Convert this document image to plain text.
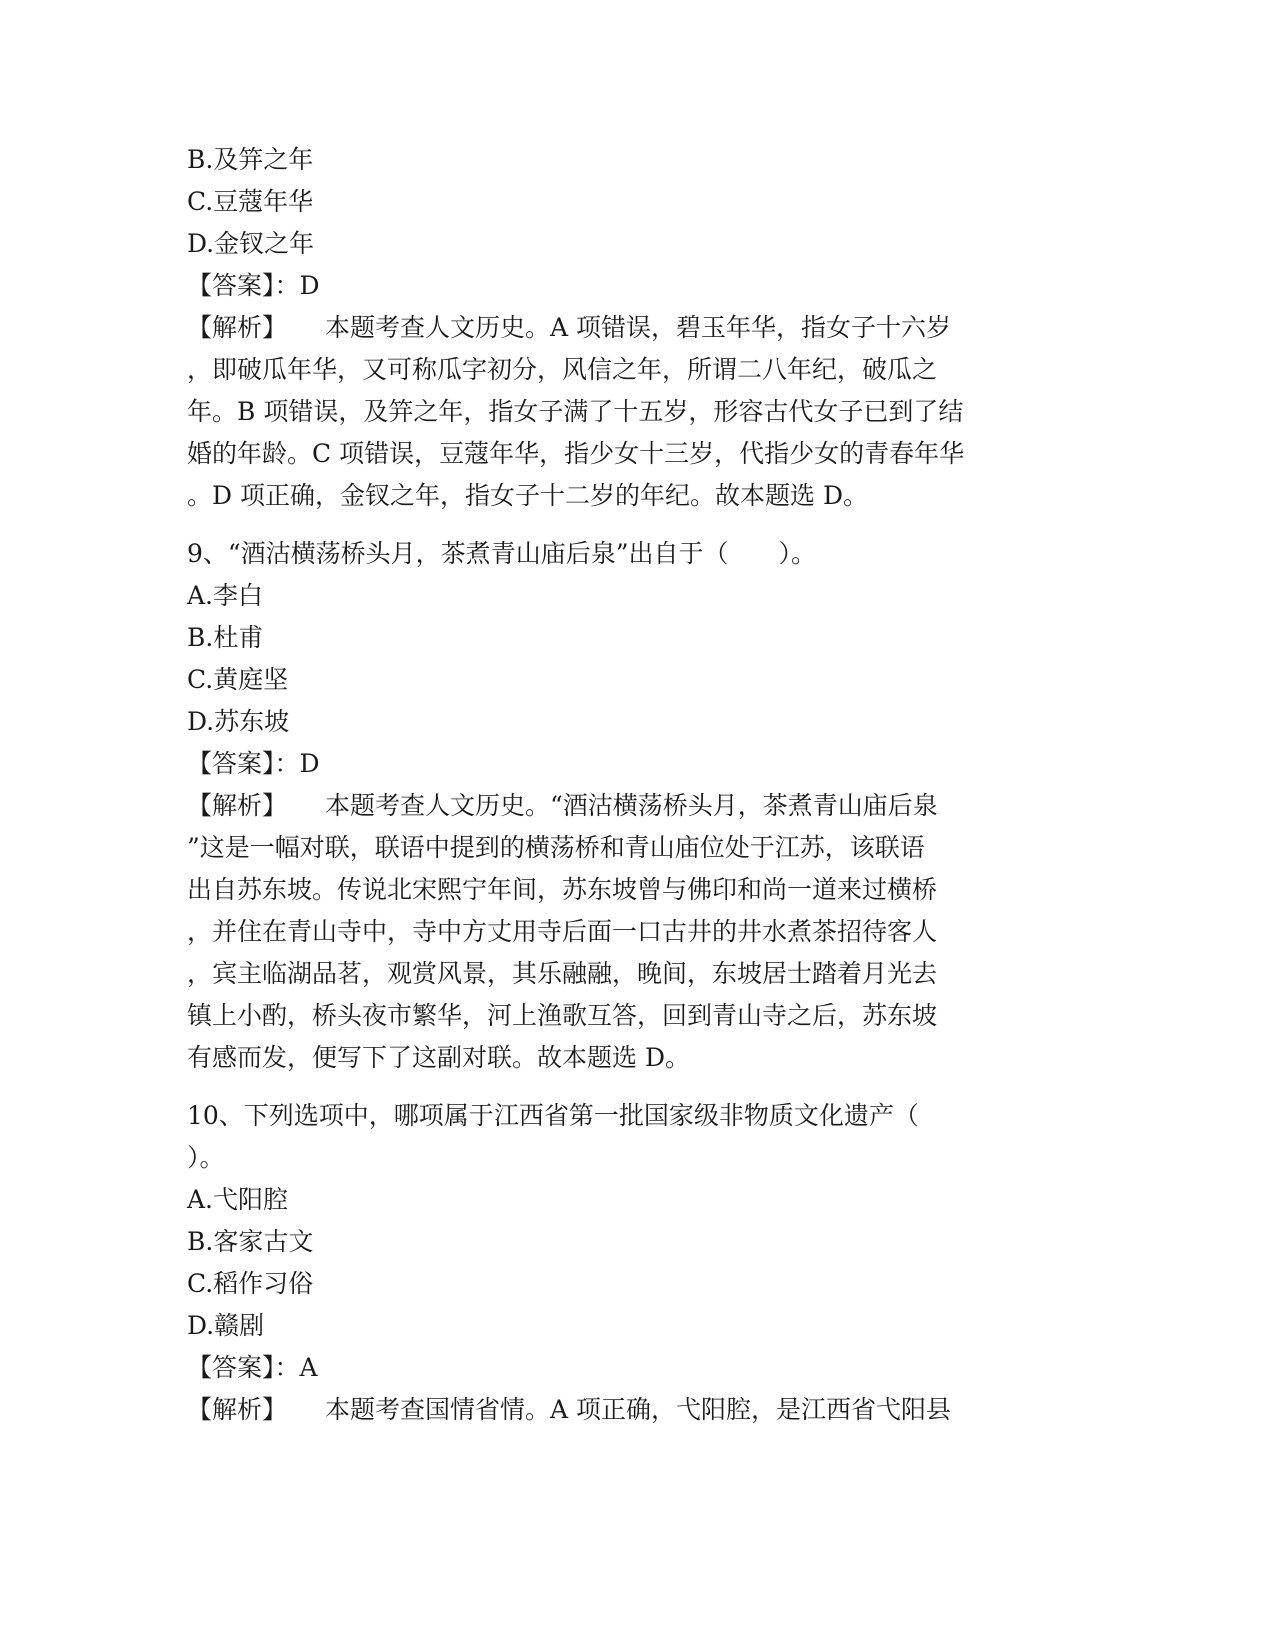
B.及笄之年
C.豆蔻年华
D.金钗之年
【答案】：D
【解析】 本题考查人文历史。A 项错误，碧玉年华，指女子十六岁
，即破瓜年华，又可称瓜字初分，风信之年，所谓二八年纪，破瓜之
年。B 项错误，及笄之年，指女子满了十五岁，形容古代女子已到了结
婚的年龄。C 项错误，豆蔻年华，指少女十三岁，代指少女的青春年华
。D 项正确，金钗之年，指女子十二岁的年纪。故本题选 D。
9、“酒沽横荡桥头月，茶煮青山庙后泉”出自于（　　）。
A.李白
B.杜甫
C.黄庭坚
D.苏东坡
【答案】：D
【解析】 本题考查人文历史。“酒沽横荡桥头月，茶煮青山庙后泉
”这是一幅对联，联语中提到的横荡桥和青山庙位处于江苏，该联语
出自苏东坡。传说北宋熙宁年间，苏东坡曾与佛印和尚一道来过横桥
，并住在青山寺中，寺中方丈用寺后面一口古井的井水煮茶招待客人
，宾主临湖品茗，观赏风景，其乐融融，晚间，东坡居士踏着月光去
镇上小酌，桥头夜市繁华，河上渔歌互答，回到青山寺之后，苏东坡
有感而发，便写下了这副对联。故本题选 D。
10、下列选项中，哪项属于江西省第一批国家级非物质文化遗产（
）。
A.弋阳腔
B.客家古文
C.稻作习俗
D.赣剧
【答案】：A
【解析】 本题考查国情省情。A 项正确，弋阳腔，是江西省弋阳县
